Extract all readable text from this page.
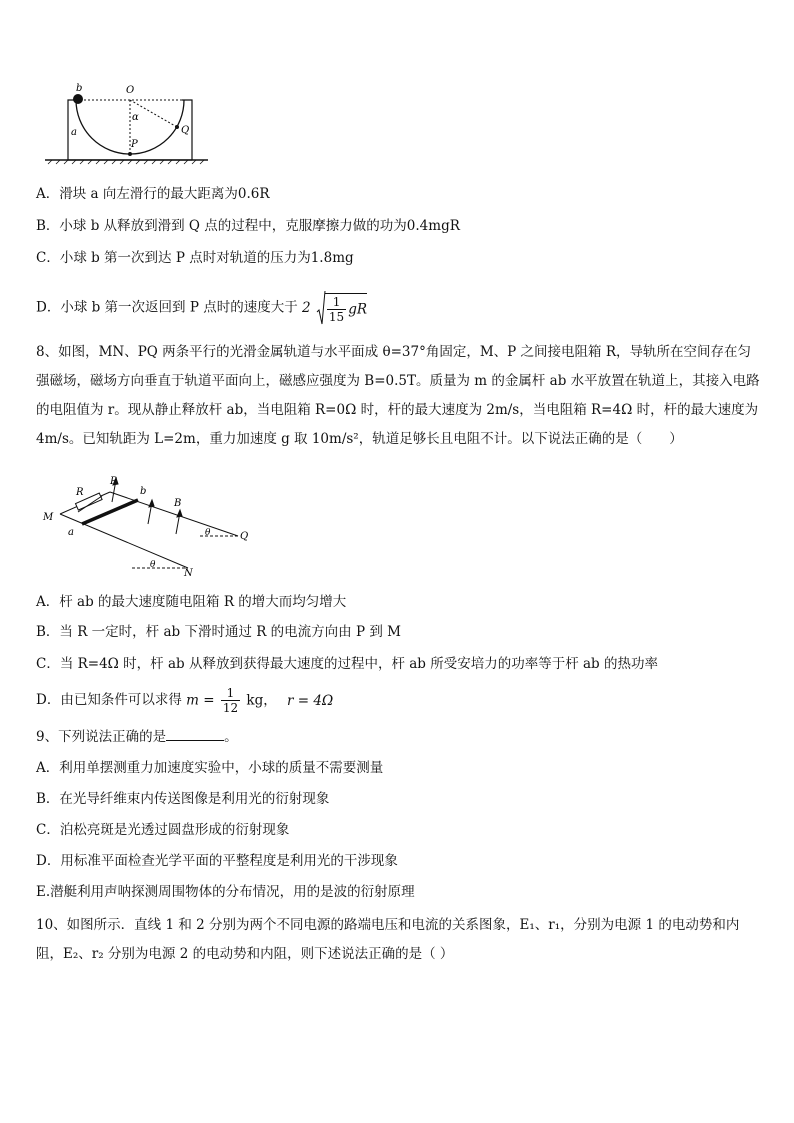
b	O
α
a	Q
P
A．滑块 a 向左滑行的最大距离为0.6R
B．小球 b 从释放到滑到 Q 点的过程中，克服摩擦力做的功为0.4mgR
C．小球 b 第一次到达 P 点时对轨道的压力为1.8mg
D．小球 b 第一次返回到 P 点时的速度大于 $2 \frac{1}{15}$ gR
8、如图，MN、PQ 两条平行的光滑金属轨道与水平面成 θ=37°角固定，M、P 之间接电阻箱 R，导轨所在空间存在匀强磁场，磁场方向垂直于轨道平面向上，磁感应强度为 B=0.5T。质量为 m 的金属杆 ab 水平放置在轨道上，其接入电路的电阻值为 r。现从静止释放杆 ab，当电阻箱 R=0Ω 时，杆的最大速度为 2m/s，当电阻箱 R=4Ω 时，杆的最大速度为 4m/s。已知轨距为 L=2m，重力加速度 g 取 10m/s²，轨道足够长且电阻不计。以下说法正确的是（　　）
P
b
B
R
M
a	Q
N
θ
θ
A．杆 ab 的最大速度随电阻箱 R 的增大而均匀增大
B．当 R 一定时，杆 ab 下滑时通过 R 的电流方向由 P 到 M
C．当 R=4Ω 时，杆 ab 从释放到获得最大速度的过程中，杆 ab 所受安培力的功率等于杆 ab 的热功率
D．由已知条件可以求得 $m = \frac{1}{12}$ kg， r = 4Ω
9、下列说法正确的是	。
A．利用单摆测重力加速度实验中，小球的质量不需要测量
B．在光导纤维束内传送图像是利用光的衍射现象
C．泊松亮斑是光透过圆盘形成的衍射现象
D．用标准平面检查光学平面的平整程度是利用光的干涉现象
E.潜艇利用声呐探测周围物体的分布情况，用的是波的衍射原理
10、如图所示．直线 1 和 2 分别为两个不同电源的路端电压和电流的关系图象，E₁、r₁，分别为电源 1 的电动势和内阻，E₂、r₂ 分别为电源 2 的电动势和内阻，则下述说法正确的是（ ）
